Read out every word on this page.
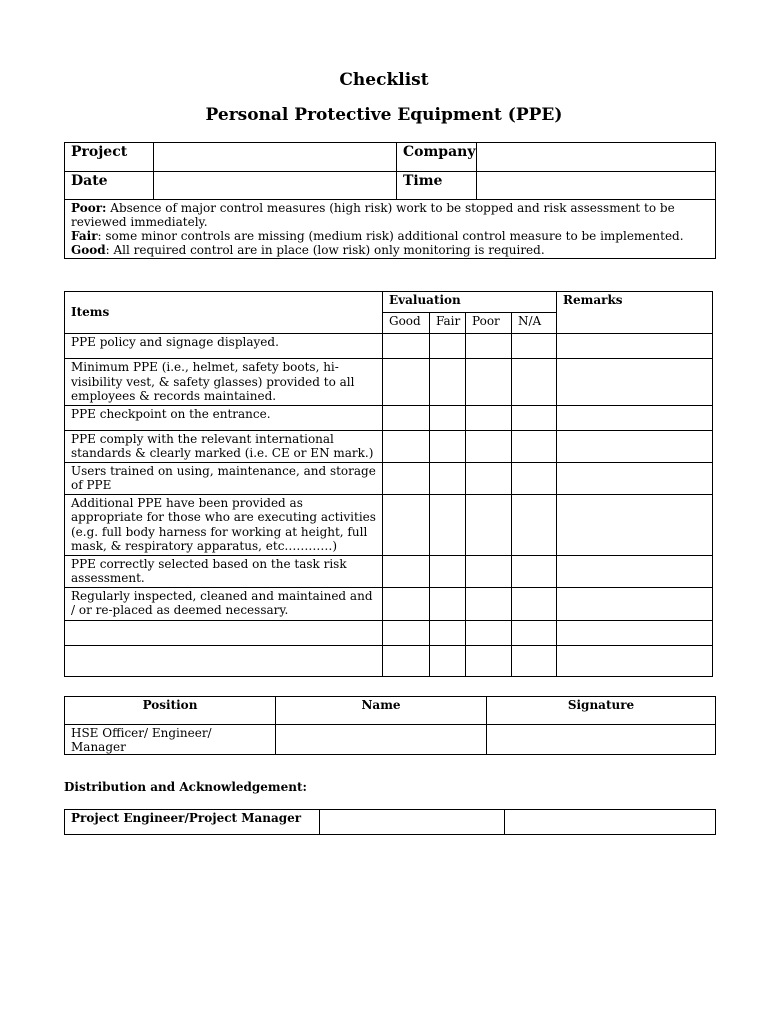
Checklist
Personal Protective Equipment (PPE)
Project		Company	
Date		Time	

Poor: Absence of major control measures (high risk) work to be stopped and risk assessment to be reviewed immediately.
Fair: some minor controls are missing (medium risk) additional control measure to be implemented.
Good: All required control are in place (low risk) only monitoring is required.			
Items	Evaluation				Remarks
	Good	Fair	Poor	N/A	
PPE policy and signage displayed.					
Minimum PPE (i.e., helmet, safety boots, hi-visibility vest, & safety glasses) provided to all employees & records maintained.					
PPE checkpoint on the entrance.					
PPE comply with the relevant international standards & clearly marked (i.e. CE or EN mark.)					
Users trained on using, maintenance, and storage of PPE					
Additional PPE have been provided as appropriate for those who are executing activities (e.g. full body harness for working at height, full mask, & respiratory apparatus, etc…………)					
PPE correctly selected based on the task risk assessment.					
Regularly inspected, cleaned and maintained and / or re-placed as deemed necessary.					

Position	Name	Signature
HSE Officer/ Engineer/ Manager		
Distribution and Acknowledgement:
Project Engineer/Project Manager		
